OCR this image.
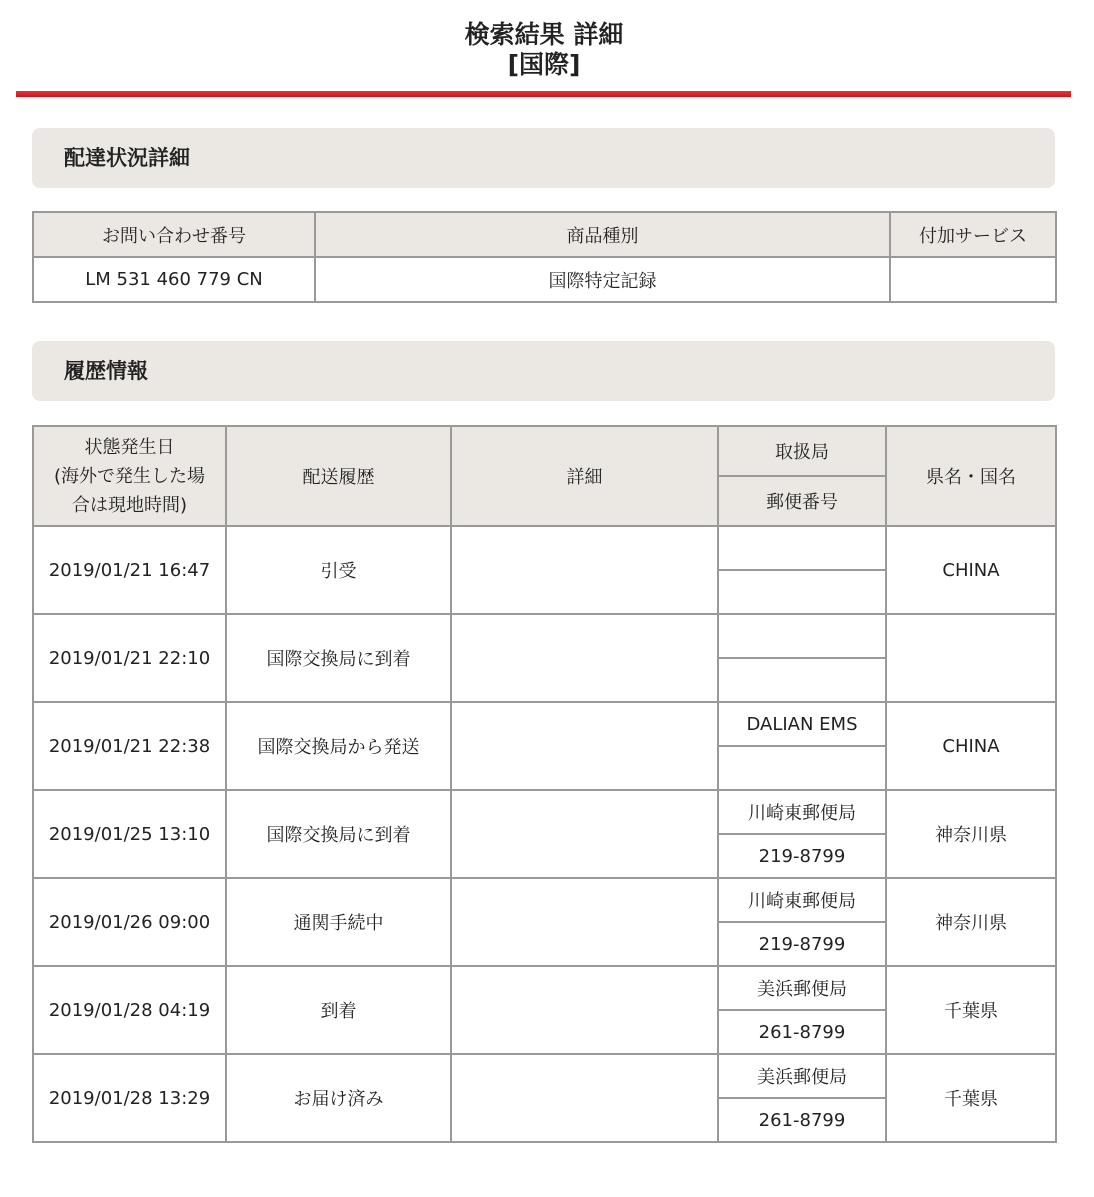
検索結果 詳細
[国際]
配達状況詳細
お問い合わせ番号	商品種別	付加サービス
LM 531 460 779 CN	国際特定記録	
履歴情報
状態発生日
(海外で発生した場
合は現地時間)	配送履歴	詳細	取扱局	県名・国名
			郵便番号	
2019/01/21 16:47	引受			CHINA

2019/01/21 22:10	国際交換局に到着			

2019/01/21 22:38	国際交換局から発送		DALIAN EMS	CHINA

2019/01/25 13:10	国際交換局に到着		川崎東郵便局	神奈川県
			219-8799	
2019/01/26 09:00	通関手続中		川崎東郵便局	神奈川県
			219-8799	
2019/01/28 04:19	到着		美浜郵便局	千葉県
			261-8799	
2019/01/28 13:29	お届け済み		美浜郵便局	千葉県
			261-8799	
